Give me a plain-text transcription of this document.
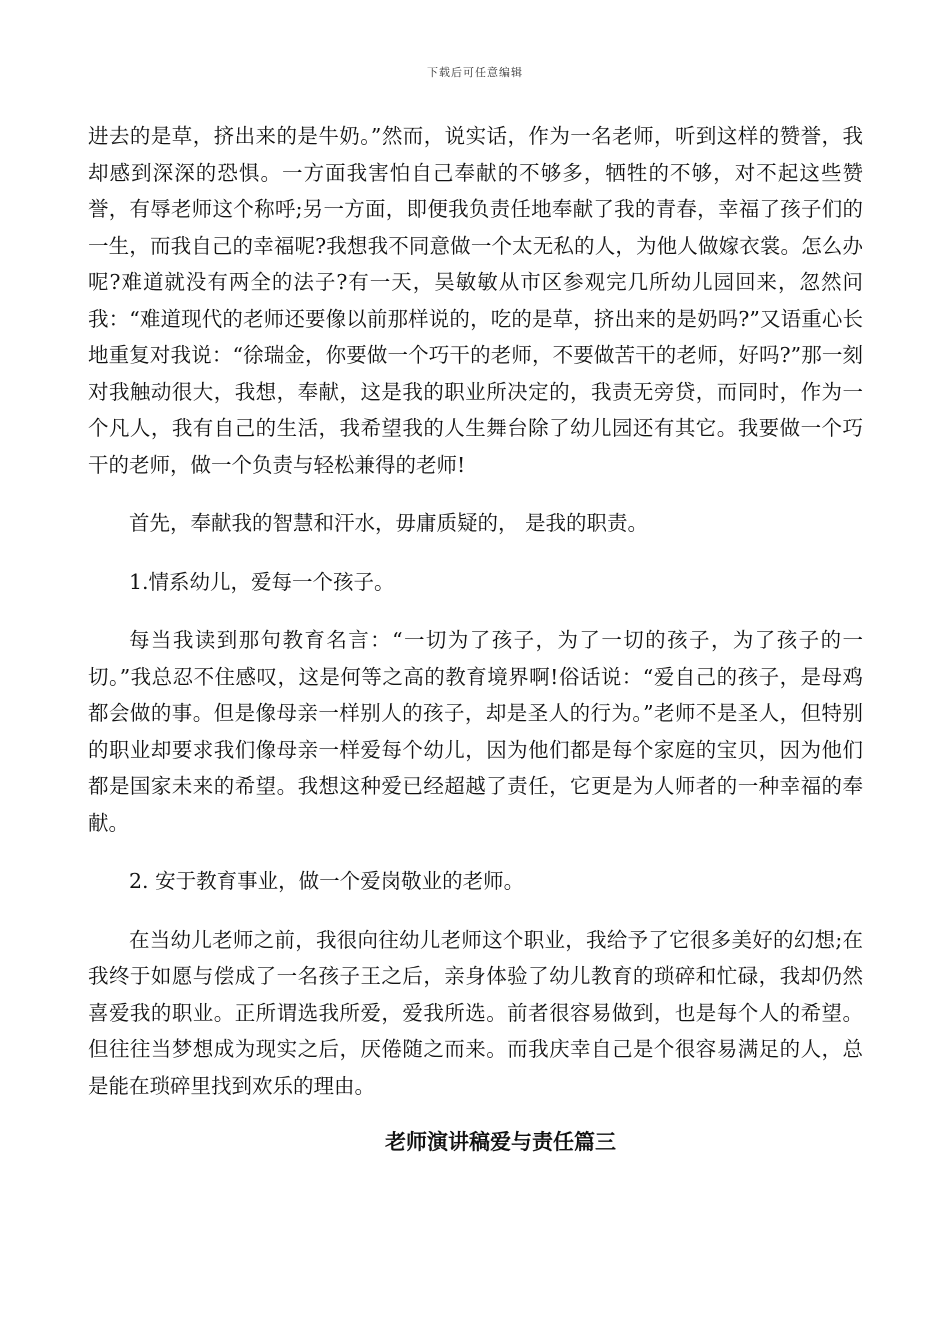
下载后可任意编辑

进去的是草，挤出来的是牛奶。”然而，说实话，作为一名老师，听到这样的赞誉，我却感到深深的恐惧。一方面我害怕自己奉献的不够多，牺牲的不够，对不起这些赞誉，有辱老师这个称呼;另一方面，即便我负责任地奉献了我的青春，幸福了孩子们的一生，而我自己的幸福呢?我想我不同意做一个太无私的人，为他人做嫁衣裳。怎么办呢?难道就没有两全的法子?有一天，吴敏敏从市区参观完几所幼儿园回来，忽然问我：“难道现代的老师还要像以前那样说的，吃的是草，挤出来的是奶吗?”又语重心长地重复对我说：“徐瑞金，你要做一个巧干的老师，不要做苦干的老师，好吗?”那一刻对我触动很大，我想，奉献，这是我的职业所决定的，我责无旁贷，而同时，作为一个凡人，我有自己的生活，我希望我的人生舞台除了幼儿园还有其它。我要做一个巧干的老师，做一个负责与轻松兼得的老师!

首先，奉献我的智慧和汗水，毋庸质疑的， 是我的职责。

1.情系幼儿，爱每一个孩子。

每当我读到那句教育名言：“一切为了孩子，为了一切的孩子，为了孩子的一切。”我总忍不住感叹，这是何等之高的教育境界啊!俗话说：“爱自己的孩子，是母鸡都会做的事。但是像母亲一样别人的孩子，却是圣人的行为。”老师不是圣人，但特别的职业却要求我们像母亲一样爱每个幼儿，因为他们都是每个家庭的宝贝，因为他们都是国家未来的希望。我想这种爱已经超越了责任，它更是为人师者的一种幸福的奉献。

2. 安于教育事业，做一个爱岗敬业的老师。

在当幼儿老师之前，我很向往幼儿老师这个职业，我给予了它很多美好的幻想;在我终于如愿与偿成了一名孩子王之后，亲身体验了幼儿教育的琐碎和忙碌，我却仍然喜爱我的职业。正所谓选我所爱，爱我所选。前者很容易做到，也是每个人的希望。但往往当梦想成为现实之后，厌倦随之而来。而我庆幸自己是个很容易满足的人，总是能在琐碎里找到欢乐的理由。

老师演讲稿爱与责任篇三
